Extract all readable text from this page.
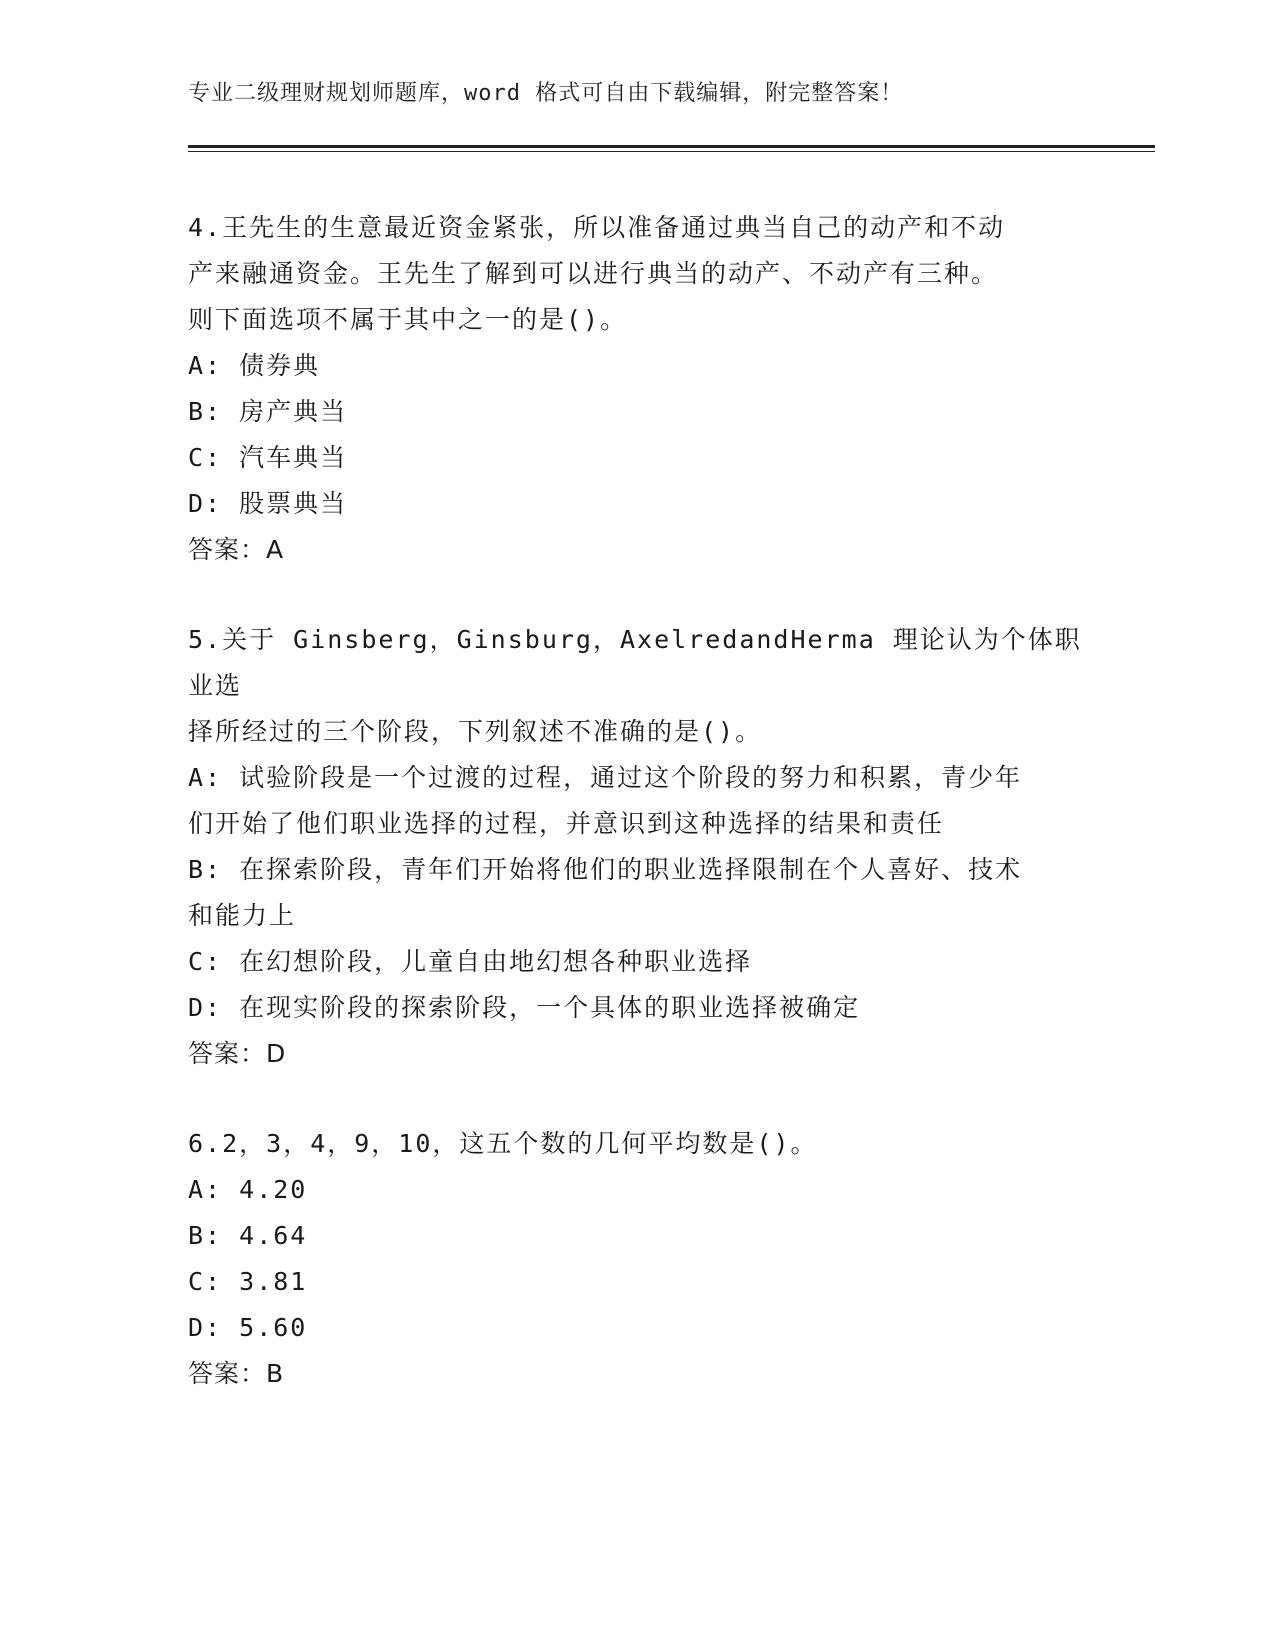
专业二级理财规划师题库，word 格式可自由下载编辑，附完整答案！
4.王先生的生意最近资金紧张，所以准备通过典当自己的动产和不动
产来融通资金。王先生了解到可以进行典当的动产、不动产有三种。
则下面选项不属于其中之一的是()。
A: 债券典
B: 房产典当
C: 汽车典当
D: 股票典当
答案：A
5.关于 Ginsberg，Ginsburg，AxelredandHerma 理论认为个体职业选
择所经过的三个阶段，下列叙述不准确的是()。
A: 试验阶段是一个过渡的过程，通过这个阶段的努力和积累，青少年
们开始了他们职业选择的过程，并意识到这种选择的结果和责任
B: 在探索阶段，青年们开始将他们的职业选择限制在个人喜好、技术
和能力上
C: 在幻想阶段，儿童自由地幻想各种职业选择
D: 在现实阶段的探索阶段，一个具体的职业选择被确定
答案：D
6.2，3，4，9，10，这五个数的几何平均数是()。
A: 4.20
B: 4.64
C: 3.81
D: 5.60
答案：B
